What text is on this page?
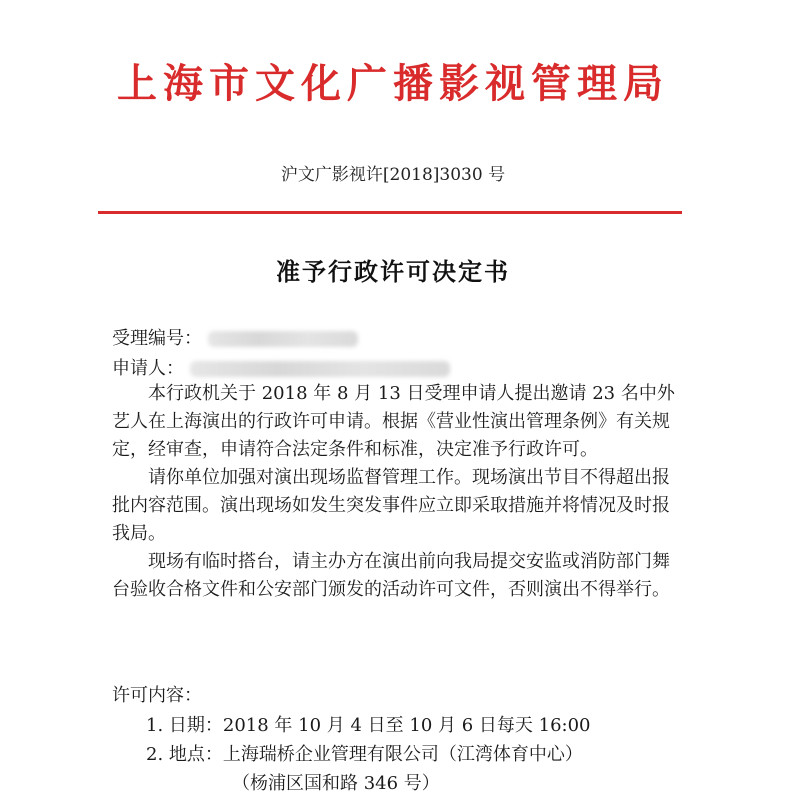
上海市文化广播影视管理局
沪文广影视许[2018]3030 号
准予行政许可决定书
受理编号：
申请人：

本行政机关于 2018 年 8 月 13 日受理申请人提出邀请 23 名中外艺人在上海演出的行政许可申请。根据《营业性演出管理条例》有关规定，经审查，申请符合法定条件和标准，决定准予行政许可。

请你单位加强对演出现场监督管理工作。现场演出节目不得超出报批内容范围。演出现场如发生突发事件应立即采取措施并将情况及时报我局。

现场有临时搭台，请主办方在演出前向我局提交安监或消防部门舞台验收合格文件和公安部门颁发的活动许可文件，否则演出不得举行。

许可内容：
1. 日期：2018 年 10 月 4 日至 10 月 6 日每天 16:00
2. 地点：上海瑞桥企业管理有限公司（江湾体育中心）
（杨浦区国和路 346 号）
